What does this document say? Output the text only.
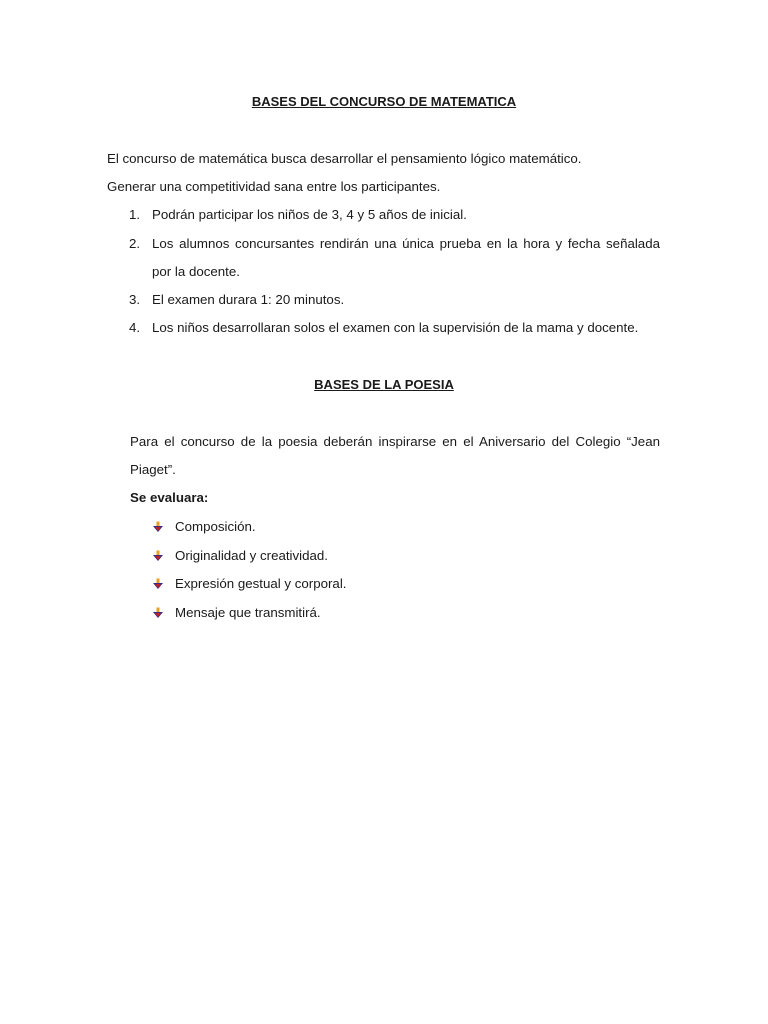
BASES DEL CONCURSO DE MATEMATICA
El concurso de matemática busca desarrollar el pensamiento lógico matemático.
Generar una competitividad sana entre los participantes.
1. Podrán participar los niños de 3, 4 y 5 años de inicial.
2. Los alumnos concursantes rendirán una única prueba en la hora y fecha señalada
por la docente.
3. El examen durara 1: 20 minutos.
4. Los niños desarrollaran solos el examen con la supervisión de la mama y docente.
BASES DE LA POESIA
Para el concurso de la poesia deberán inspirarse en el Aniversario del Colegio “Jean
Piaget”.
Se evaluara:
Composición.
Originalidad y creatividad.
Expresión gestual y corporal.
Mensaje que transmitirá.
